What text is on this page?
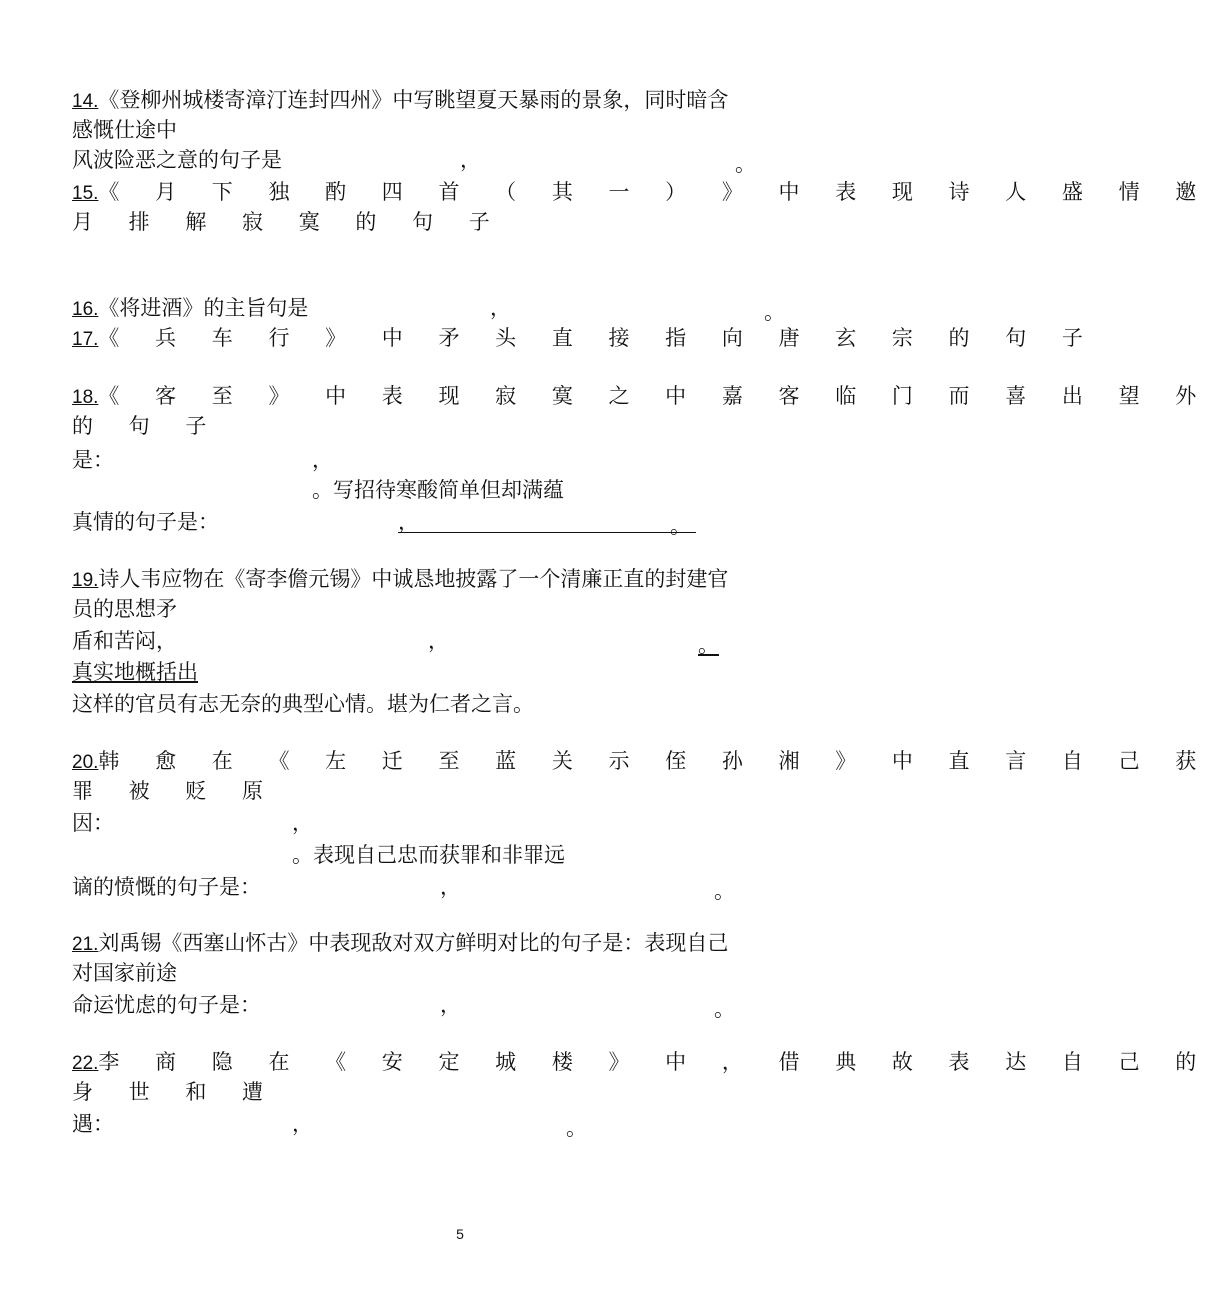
14.《登柳州城楼寄漳汀连封四州》中写眺望夏天暴雨的景象，同时暗含
感慨仕途中
风波险恶之意的句子是	，	。
15.《 月 下 独 酌 四 首 （ 其 一 ） 》 中 表 现 诗 人 盛 情 邀
月 排 解 寂 寞 的 句 子
16.《将进酒》的主旨句是	，	。
17.《 兵 车 行 》 中 矛 头 直 接 指 向 唐 玄 宗 的 句 子
18.《 客 至 》 中 表 现 寂 寞 之 中 嘉 客 临 门 而 喜 出 望 外
的 句 子
是：	，
。写招待寒酸简单但却满蕴
真情的句子是：	，	。
19.诗人韦应物在《寄李儋元锡》中诚恳地披露了一个清廉正直的封建官
员的思想矛
盾和苦闷，	，	。
真实地概括出
这样的官员有志无奈的典型心情。堪为仁者之言。
20.韩 愈 在 《 左 迁 至 蓝 关 示 侄 孙 湘 》 中 直 言 自 己 获
罪 被 贬 原
因：	，
。表现自己忠而获罪和非罪远
谪的愤慨的句子是：	，	。
21.刘禹锡《西塞山怀古》中表现敌对双方鲜明对比的句子是：表现自己
对国家前途
命运忧虑的句子是：	，	。
22.李 商 隐 在 《 安 定 城 楼 》 中 ， 借 典 故 表 达 自 己 的
身 世 和 遭
遇：	，	。
5
